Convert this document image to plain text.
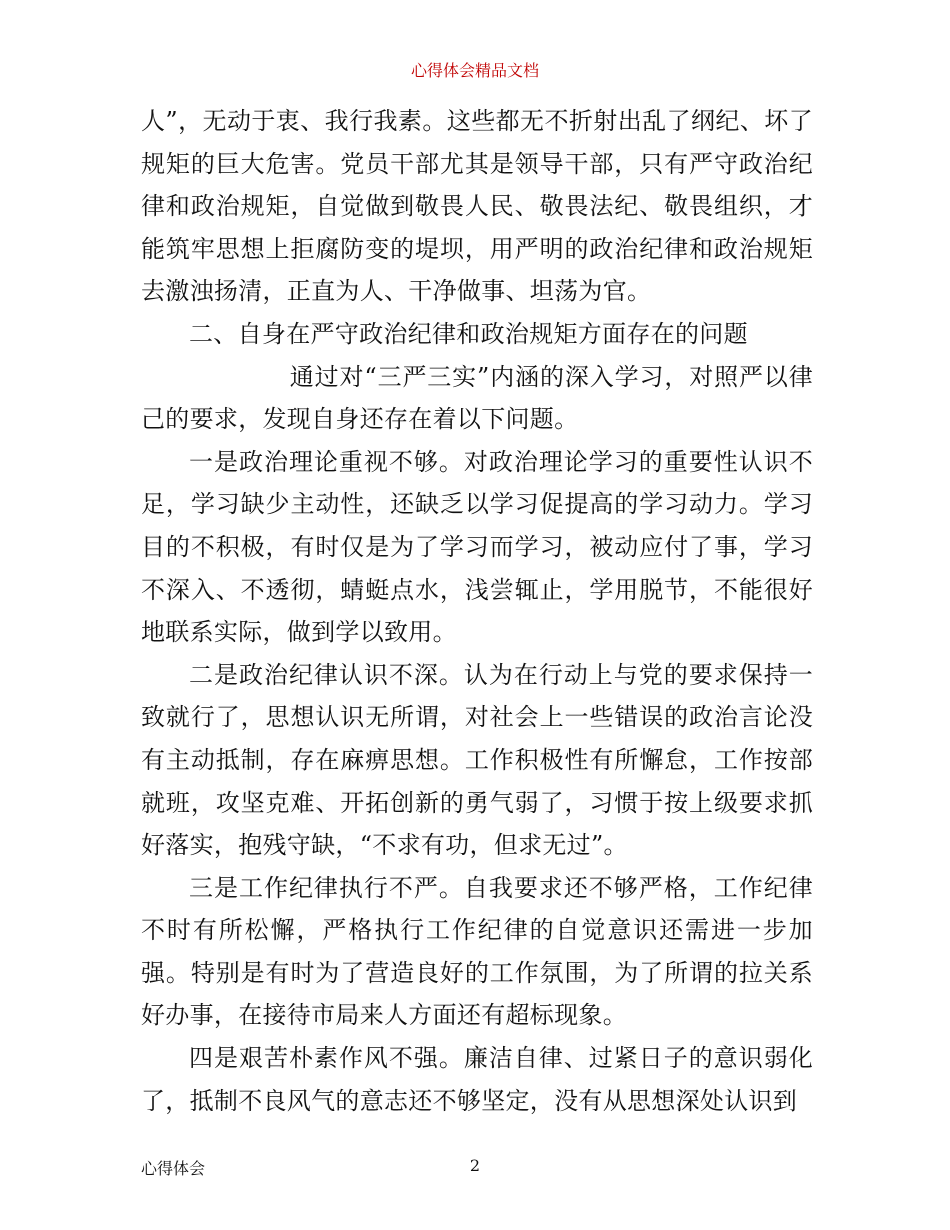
心得体会精品文档

人”，无动于衷、我行我素。这些都无不折射出乱了纲纪、坏了规矩的巨大危害。党员干部尤其是领导干部，只有严守政治纪律和政治规矩，自觉做到敬畏人民、敬畏法纪、敬畏组织，才能筑牢思想上拒腐防变的堤坝，用严明的政治纪律和政治规矩去激浊扬清，正直为人、干净做事、坦荡为官。

二、自身在严守政治纪律和政治规矩方面存在的问题

通过对“三严三实”内涵的深入学习，对照严以律己的要求，发现自身还存在着以下问题。

一是政治理论重视不够。对政治理论学习的重要性认识不足，学习缺少主动性，还缺乏以学习促提高的学习动力。学习目的不积极，有时仅是为了学习而学习，被动应付了事，学习不深入、不透彻，蜻蜓点水，浅尝辄止，学用脱节，不能很好地联系实际，做到学以致用。

二是政治纪律认识不深。认为在行动上与党的要求保持一致就行了，思想认识无所谓，对社会上一些错误的政治言论没有主动抵制，存在麻痹思想。工作积极性有所懈怠，工作按部就班，攻坚克难、开拓创新的勇气弱了，习惯于按上级要求抓好落实，抱残守缺，“不求有功，但求无过”。

三是工作纪律执行不严。自我要求还不够严格，工作纪律不时有所松懈，严格执行工作纪律的自觉意识还需进一步加强。特别是有时为了营造良好的工作氛围，为了所谓的拉关系好办事，在接待市局来人方面还有超标现象。

四是艰苦朴素作风不强。廉洁自律、过紧日子的意识弱化了，抵制不良风气的意志还不够坚定，没有从思想深处认识到

心得体会	2
